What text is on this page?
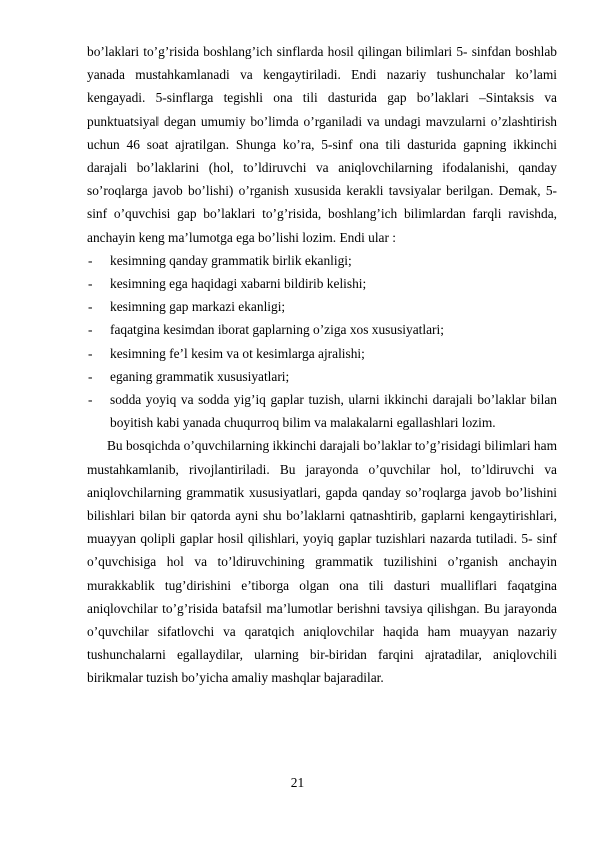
bo’laklari to’g’risida boshlang’ich sinflarda hosil qilingan bilimlari 5- sinfdan boshlab yanada mustahkamlanadi va kengaytiriladi. Endi nazariy tushunchalar ko’lami kengayadi. 5-sinflarga tegishli ona tili dasturida gap bo’laklari –Sintaksis va punktuatsiya‖ degan umumiy bo’limda o’rganiladi va undagi mavzularni o’zlashtirish uchun 46 soat ajratilgan. Shunga ko’ra, 5-sinf ona tili dasturida gapning ikkinchi darajali bo’laklarini (hol, to’ldiruvchi va aniqlovchilarning ifodalanishi, qanday so’roqlarga javob bo’lishi) o’rganish xususida kerakli tavsiyalar berilgan. Demak, 5-sinf o’quvchisi gap bo’laklari to’g’risida, boshlang’ich bilimlardan farqli ravishda, anchayin keng ma’lumotga ega bo’lishi lozim. Endi ular :

- kesimning qanday grammatik birlik ekanligi;
- kesimning ega haqidagi xabarni bildirib kelishi;
- kesimning gap markazi ekanligi;
- faqatgina kesimdan iborat gaplarning o’ziga xos xususiyatlari;
- kesimning fe’l kesim va ot kesimlarga ajralishi;
- eganing grammatik xususiyatlari;
- sodda yoyiq va sodda yig’iq gaplar tuzish, ularni ikkinchi darajali bo’laklar bilan boyitish kabi yanada chuqurroq bilim va malakalarni egallashlari lozim.

Bu bosqichda o’quvchilarning ikkinchi darajali bo’laklar to’g’risidagi bilimlari ham mustahkamlanib, rivojlantiriladi. Bu jarayonda o’quvchilar hol, to’ldiruvchi va aniqlovchilarning grammatik xususiyatlari, gapda qanday so’roqlarga javob bo’lishini bilishlari bilan bir qatorda ayni shu bo’laklarni qatnashtirib, gaplarni kengaytirishlari, muayyan qolipli gaplar hosil qilishlari, yoyiq gaplar tuzishlari nazarda tutiladi. 5- sinf o’quvchisiga hol va to’ldiruvchining grammatik tuzilishini o’rganish anchayin murakkablik tug’dirishini e’tiborga olgan ona tili dasturi mualliflari faqatgina aniqlovchilar to’g’risida batafsil ma’lumotlar berishni tavsiya qilishgan. Bu jarayonda o’quvchilar sifatlovchi va qaratqich aniqlovchilar haqida ham muayyan nazariy tushunchalarni egallaydilar, ularning bir-biridan farqini ajratadilar, aniqlovchili birikmalar tuzish bo’yicha amaliy mashqlar bajaradilar.

21
